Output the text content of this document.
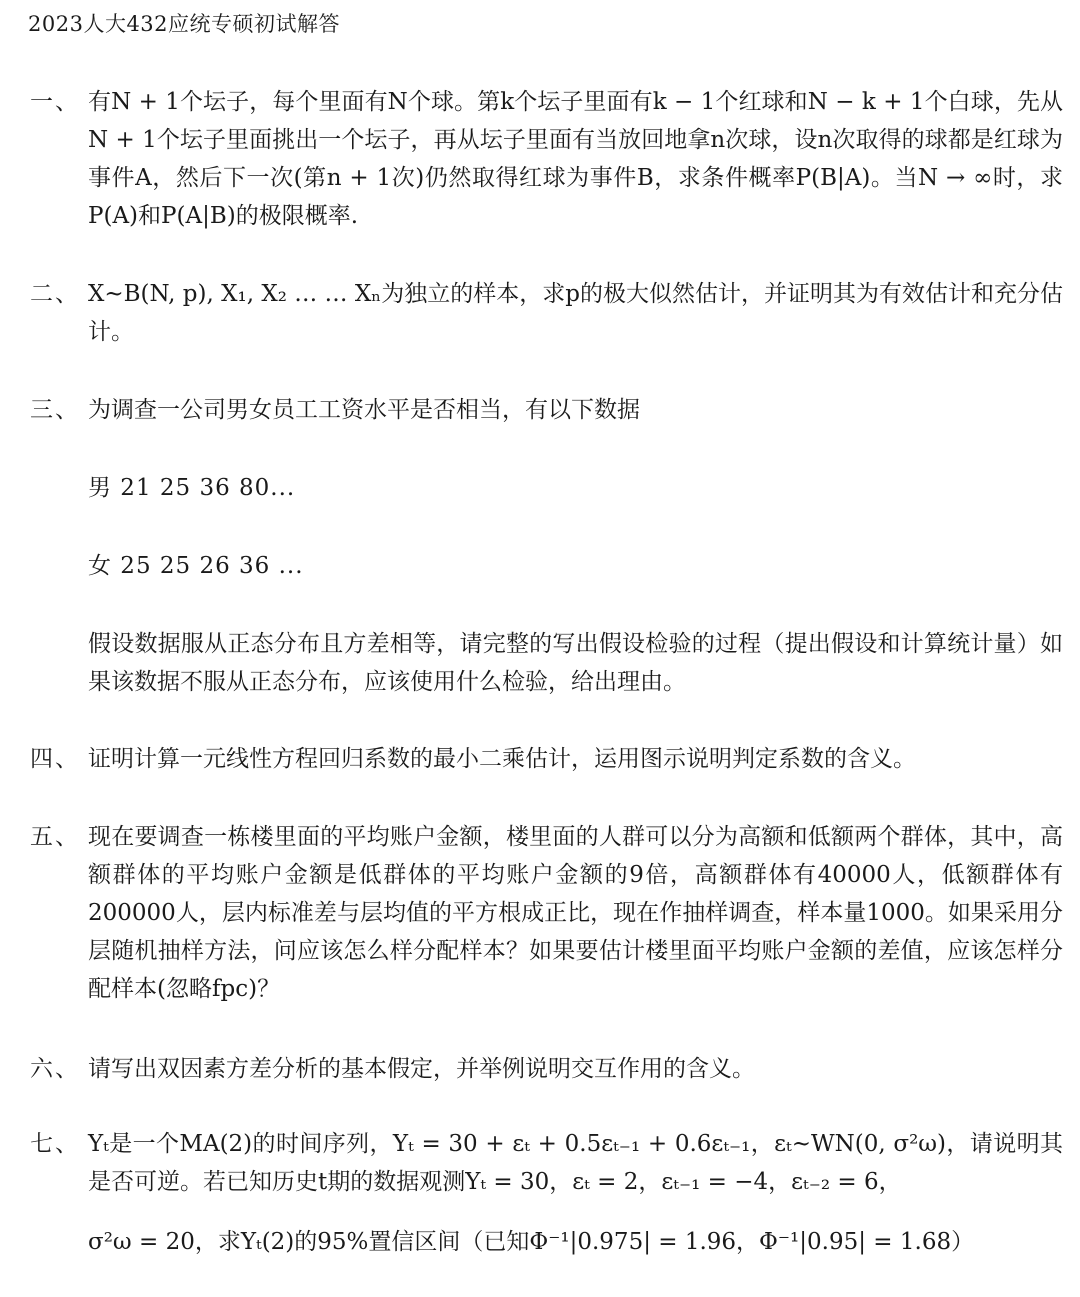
2023人大432应统专硕初试解答
一、 有N + 1个坛子，每个里面有N个球。第k个坛子里面有k − 1个红球和N − k + 1个白球，先从N + 1个坛子里面挑出一个坛子，再从坛子里面有当放回地拿n次球，设n次取得的球都是红球为事件A，然后下一次(第n + 1次)仍然取得红球为事件B，求条件概率P(B|A)。当N → ∞时，求P(A)和P(A|B)的极限概率.
二、 X~B(N, p), X₁, X₂ … … Xₙ为独立的样本，求p的极大似然估计，并证明其为有效估计和充分估计。
三、 为调查一公司男女员工工资水平是否相当，有以下数据

男 21 25 36 80...

女 25 25 26 36 ...

假设数据服从正态分布且方差相等，请完整的写出假设检验的过程（提出假设和计算统计量）如果该数据不服从正态分布，应该使用什么检验，给出理由。

四、 证明计算一元线性方程回归系数的最小二乘估计，运用图示说明判定系数的含义。
五、 现在要调查一栋楼里面的平均账户金额，楼里面的人群可以分为高额和低额两个群体，其中，高额群体的平均账户金额是低群体的平均账户金额的9倍，高额群体有40000人，低额群体有200000人，层内标准差与层均值的平方根成正比，现在作抽样调查，样本量1000。如果采用分层随机抽样方法，问应该怎么样分配样本？如果要估计楼里面平均账户金额的差值，应该怎样分配样本(忽略fpc)？
六、 请写出双因素方差分析的基本假定，并举例说明交互作用的含义。
七、 Yₜ是一个MA(2)的时间序列，Yₜ = 30 + εₜ + 0.5εₜ₋₁ + 0.6εₜ₋₁，εₜ~WN(0, σ²ω)，请说明其是否可逆。若已知历史t期的数据观测Yₜ = 30，εₜ = 2，εₜ₋₁ = −4，εₜ₋₂ = 6，

σ²ω = 20，求Yₜ(2)的95%置信区间（已知Φ⁻¹|0.975| = 1.96，Φ⁻¹|0.95| = 1.68）
